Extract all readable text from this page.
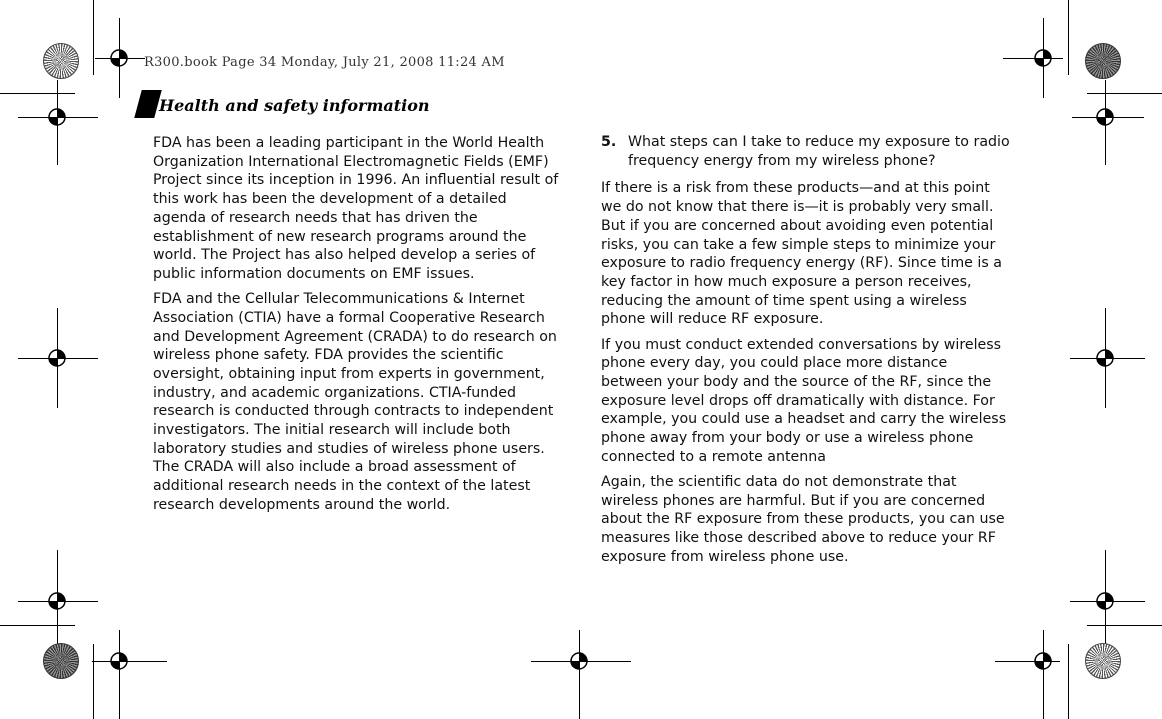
R300.book Page 34 Monday, July 21, 2008 11:24 AM
Health and safety information

FDA has been a leading participant in the World Health Organization International Electromagnetic Fields (EMF) Project since its inception in 1996. An influential result of this work has been the development of a detailed agenda of research needs that has driven the establishment of new research programs around the world. The Project has also helped develop a series of public information documents on EMF issues.

FDA and the Cellular Telecommunications & Internet Association (CTIA) have a formal Cooperative Research and Development Agreement (CRADA) to do research on wireless phone safety. FDA provides the scientific oversight, obtaining input from experts in government, industry, and academic organizations. CTIA-funded research is conducted through contracts to independent investigators. The initial research will include both laboratory studies and studies of wireless phone users. The CRADA will also include a broad assessment of additional research needs in the context of the latest research developments around the world.

5. What steps can I take to reduce my exposure to radio frequency energy from my wireless phone?

If there is a risk from these products—and at this point we do not know that there is—it is probably very small. But if you are concerned about avoiding even potential risks, you can take a few simple steps to minimize your exposure to radio frequency energy (RF). Since time is a key factor in how much exposure a person receives, reducing the amount of time spent using a wireless phone will reduce RF exposure.

If you must conduct extended conversations by wireless phone every day, you could place more distance between your body and the source of the RF, since the exposure level drops off dramatically with distance. For example, you could use a headset and carry the wireless phone away from your body or use a wireless phone connected to a remote antenna

Again, the scientific data do not demonstrate that wireless phones are harmful. But if you are concerned about the RF exposure from these products, you can use measures like those described above to reduce your RF exposure from wireless phone use.
